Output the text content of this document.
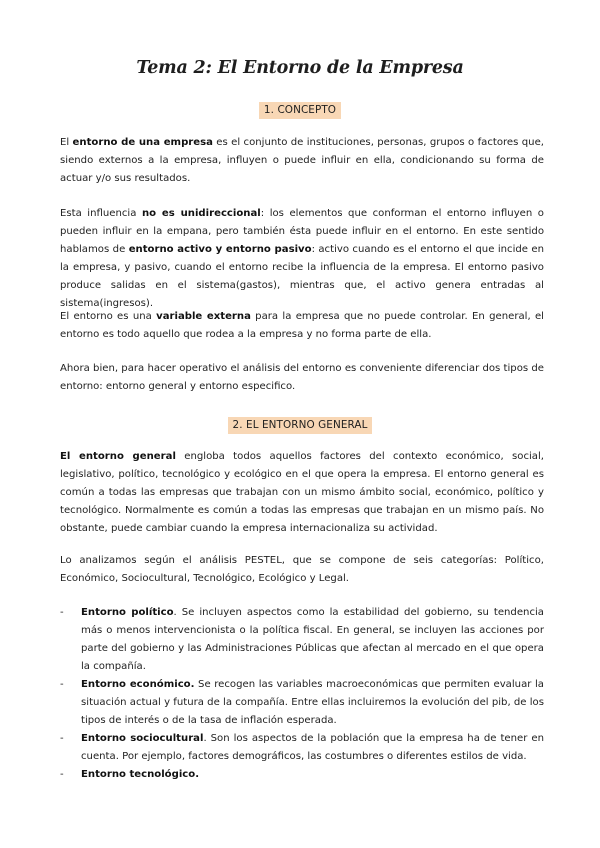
Tema 2: El Entorno de la Empresa
1. CONCEPTO

El entorno de una empresa es el conjunto de instituciones, personas, grupos o factores que, siendo externos a la empresa, influyen o puede influir en ella, condicionando su forma de actuar y/o sus resultados.

Esta influencia no es unidireccional: los elementos que conforman el entorno influyen o pueden influir en la empana, pero también ésta puede influir en el entorno. En este sentido hablamos de entorno activo y entorno pasivo: activo cuando es el entorno el que incide en la empresa, y pasivo, cuando el entorno recibe la influencia de la empresa. El entorno pasivo produce salidas en el sistema(gastos), mientras que, el activo genera entradas al sistema(ingresos).

El entorno es una variable externa para la empresa que no puede controlar. En general, el entorno es todo aquello que rodea a la empresa y no forma parte de ella.

Ahora bien, para hacer operativo el análisis del entorno es conveniente diferenciar dos tipos de entorno: entorno general y entorno especifico.

2. EL ENTORNO GENERAL

El entorno general engloba todos aquellos factores del contexto económico, social, legislativo, político, tecnológico y ecológico en el que opera la empresa. El entorno general es común a todas las empresas que trabajan con un mismo ámbito social, económico, político y tecnológico. Normalmente es común a todas las empresas que trabajan en un mismo país. No obstante, puede cambiar cuando la empresa internacionaliza su actividad.

Lo analizamos según el análisis PESTEL, que se compone de seis categorías: Político, Económico, Sociocultural, Tecnológico, Ecológico y Legal.

- Entorno político. Se incluyen aspectos como la estabilidad del gobierno, su tendencia más o menos intervencionista o la política fiscal. En general, se incluyen las acciones por parte del gobierno y las Administraciones Públicas que afectan al mercado en el que opera la compañía.
- Entorno económico. Se recogen las variables macroeconómicas que permiten evaluar la situación actual y futura de la compañía. Entre ellas incluiremos la evolución del pib, de los tipos de interés o de la tasa de inflación esperada.
- Entorno sociocultural. Son los aspectos de la población que la empresa ha de tener en cuenta. Por ejemplo, factores demográficos, las costumbres o diferentes estilos de vida.
- Entorno tecnológico.
